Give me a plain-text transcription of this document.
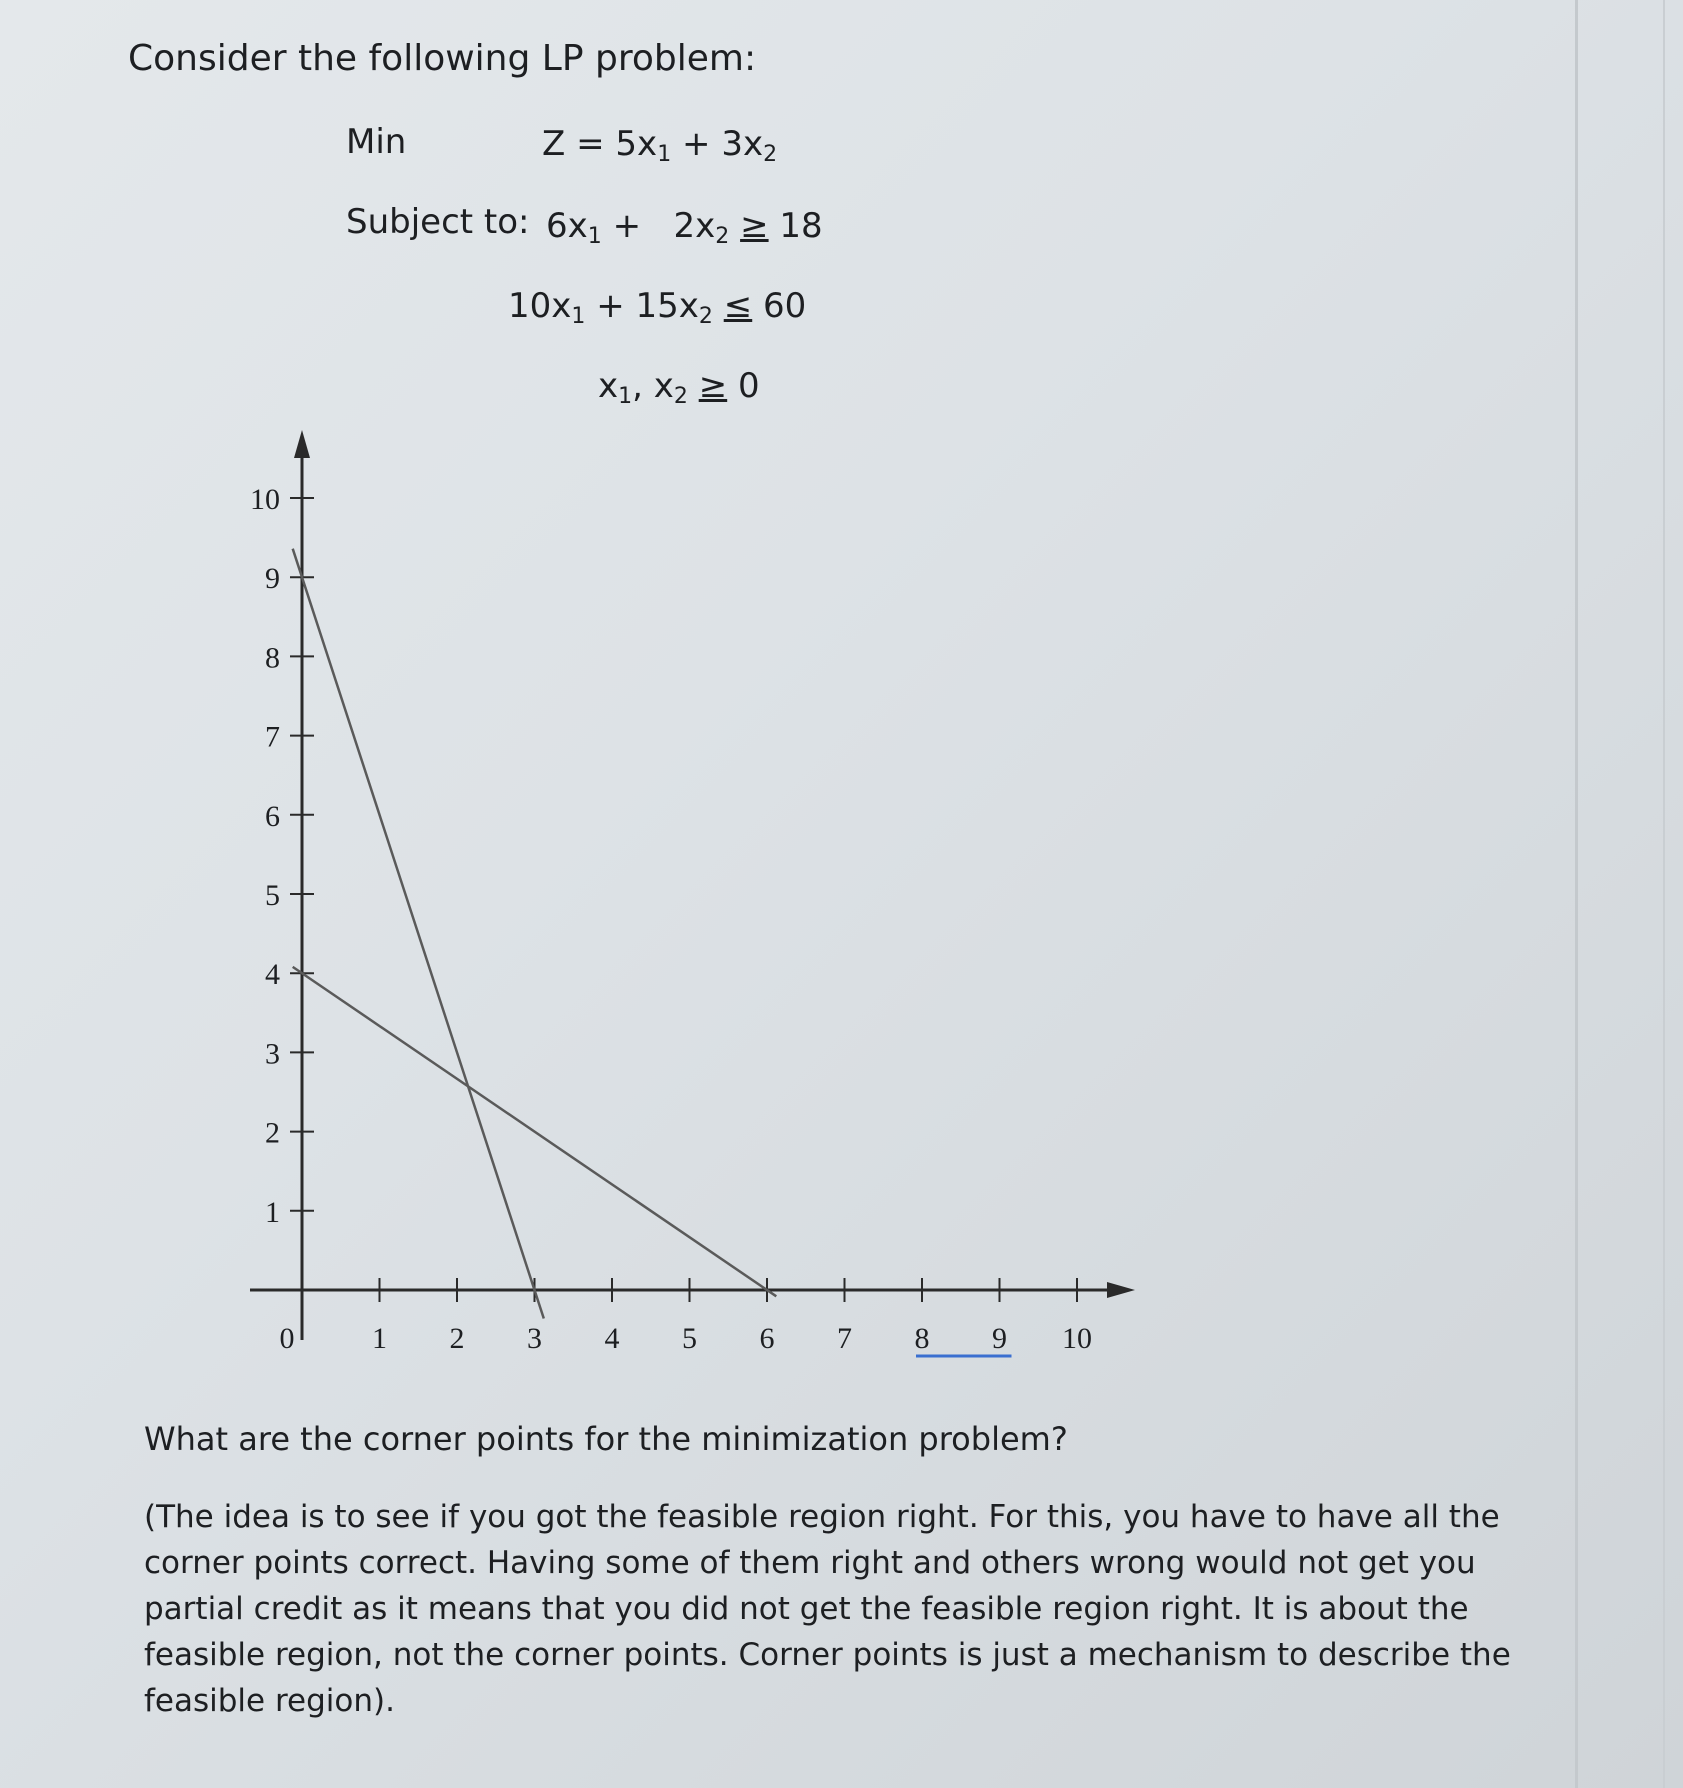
Consider the following LP problem:
Min	$Z = 5x_1 + 3x_2$
Subject to: $6x_1 + 2x_2 \ge 18$
$10x_1 + 15x_2 \le 60$
$x_1$, $x_2 \ge 0$
0	1 2 3 4 5 6 7 8 9 10
1
2
3
4
5
6
7
8
9
10
What are the corner points for the minimization problem?
(The idea is to see if you got the feasible region right. For this, you have to have all the corner points correct. Having some of them right and others wrong would not get you partial credit as it means that you did not get the feasible region right. It is about the feasible region, not the corner points. Corner points is just a mechanism to describe the feasible region).
